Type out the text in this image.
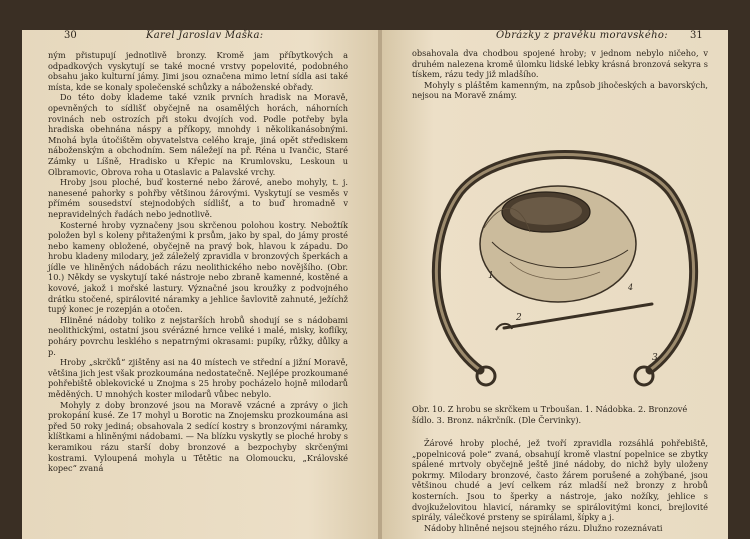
30	Karel Jaroslav Maška:

ným přistupují jednotlivě bronzy. Kromě jam příbytkových a odpadkových vyskytují se také mocné vrstvy popelovité, podobného obsahu jako kulturní jámy. Jimi jsou označena mimo letní sídla asi také místa, kde se konaly společenské schůzky a náboženské obřady.

Do této doby klademe také vznik prvních hradisk na Moravě, opevněných to sídlišť obyčejně na osamělých horách, náhorních rovinách neb ostrozích při stoku dvojích vod. Podle potřeby byla hradiska obehnána náspy a příkopy, mnohdy i několikanásobnými. Mnohá byla útočištěm obyvatelstva celého kraje, jiná opět střediskem náboženským a obchodním. Sem náležejí na př. Réna u Ivančic, Staré Zámky u Líšně, Hradisko u Křepic na Krumlovsku, Leskoun u Olbramovic, Obrova roha u Otaslavic a Palavské vrchy.

Hroby jsou ploché, buď kosterné nebo žárové, anebo mohyly, t. j. nanesené pahorky s pohřby většinou žárovými. Vyskytují se vesměs v přímém sousedství stejnodobých sídlišť, a to buď hromadně v nepravidelných řadách nebo jednotlivě.

Kosterné hroby vyznačeny jsou skrčenou polohou kostry. Nebožtík položen byl s koleny přitaženými k prsům, jako by spal, do jámy prosté nebo kameny obložené, obyčejně na pravý bok, hlavou k západu. Do hrobu kladeny milodary, jež záleželý zpravidla v bronzových šperkách a jídle ve hliněných nádobách rázu neolithického nebo novějšího. (Obr. 10.) Někdy se vyskytují také nástroje nebo zbraně kamenné, kostěné a kovové, jakož i mořské lastury. Význačné jsou kroužky z podvojného drátku stočené, spirálovité náramky a jehlice šavlovitě zahnuté, ježíchž tupý konec je rozepján a otočen.

Hliněné nádoby toliko z nejstarších hrobů shodují se s nádobami neolithickými, ostatní jsou svérázné hrnce veliké i malé, misky, koflíky, poháry povrchu lesklého s nepatrnými okrasami: pupíky, růžky, důlky a p.

Hroby „skrčků“ zjištěny asi na 40 místech ve střední a jižní Moravě, většina jich jest však prozkoumána nedostatečně. Nejlépe prozkoumané pohřebiště oblekovické u Znojma s 25 hroby pocházelo hojně milodarů měděných. U mnohých koster milodarů vůbec nebylo.

Mohyly z doby bronzové jsou na Moravě vzácné a zprávy o jich prokopání kusé. Ze 17 mohyl u Borotic na Znojemsku prozkoumána asi před 50 roky jediná; obsahovala 2 sedící kostry s bronzovými náramky, klíštkami a hliněnými nádobami. — Na blízku vyskytly se ploché hroby s keramikou rázu starší doby bronzové a bezpochyby skrčenými kostrami. Vyloupená mohyla u Tětětic na Olomoucku, „Královské kopec“ zvaná

Obrázky z pravěku moravského: 31

obsahovala dva chodbou spojené hroby; v jednom nebylo ničeho, v druhém nalezena kromě úlomku lidské lebky krásná bronzová sekyra s tískem, rázu tedy již mladšího.

Mohyly s pláštěm kamenným, na způsob jihočeských a bavorských, nejsou na Moravě známy.

1
2
3
4
Obr. 10. Z hrobu se skrčkem u Trboušan. 1. Nádobka. 2. Bronzové šídlo. 3. Bronz. nákrčník. (Dle Červinky).

Žárové hroby ploché, jež tvoří zpravidla rozsáhlá pohřebiště, „popelnicová pole“ zvaná, obsahují kromě vlastní popelnice se zbytky spálené mrtvoly obyčejně ještě jiné nádoby, do nichž byly uloženy pokrmy. Milodary bronzové, často žárem porušené a zohýbané, jsou většinou chudé a jeví celkem ráz mladší než bronzy z hrobů kosterních. Jsou to šperky a nástroje, jako nožíky, jehlice s dvojkuželovitou hlavicí, náramky se spirálovitými konci, brejlovité spirály, válečkové prsteny se spirálami, šípky a j.

Nádoby hliněné nejsou stejného rázu. Dlužno rozeznávati
